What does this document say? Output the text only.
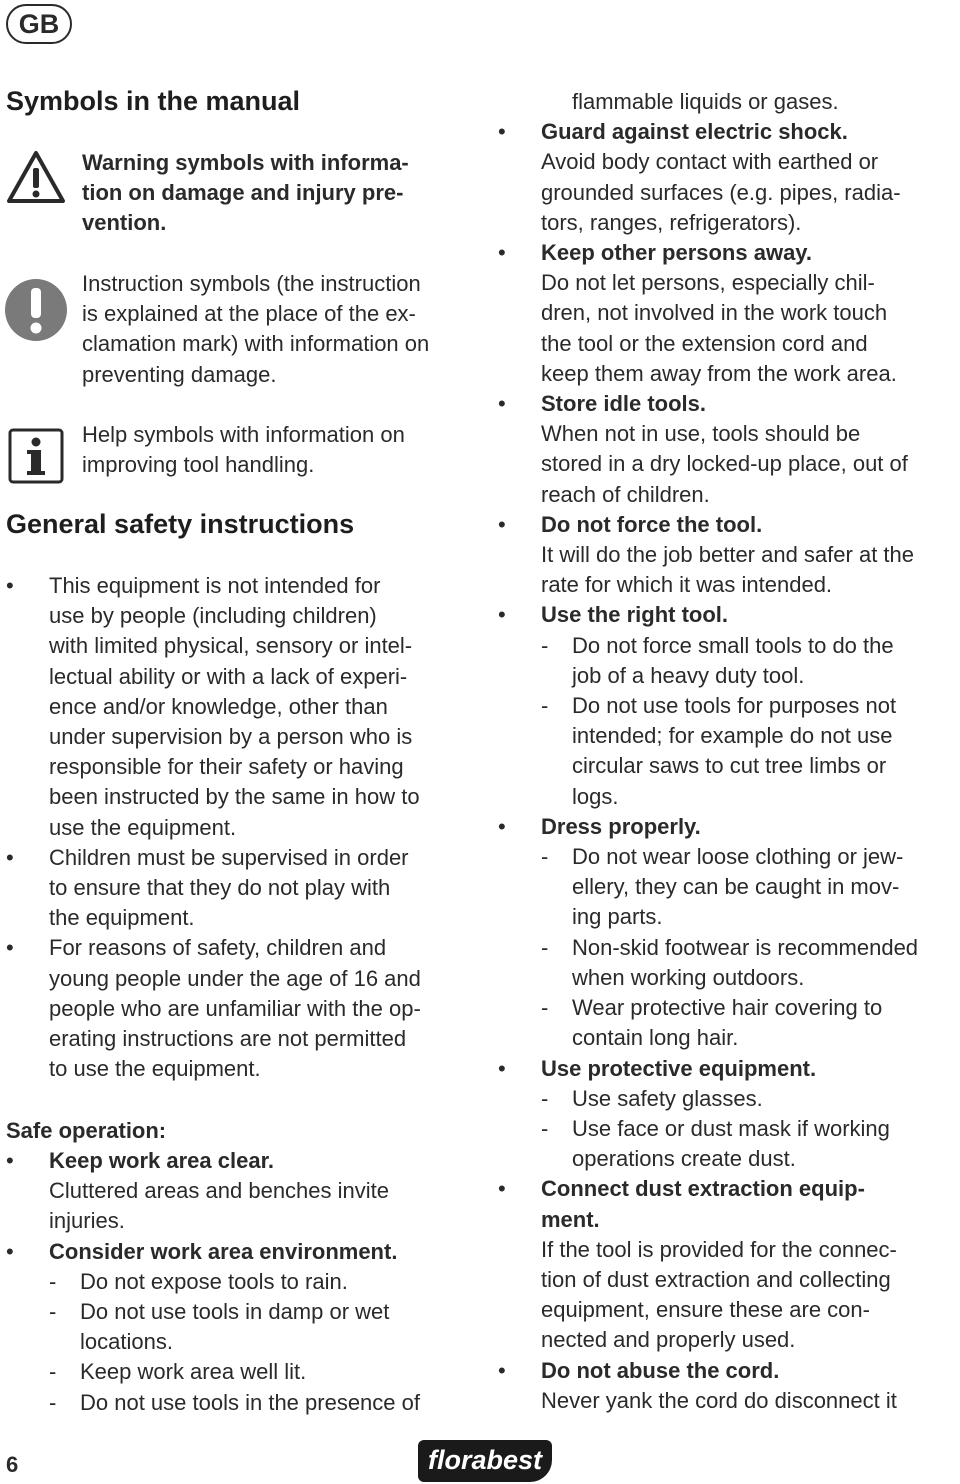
GB
Symbols in the manual

Warning symbols with informa-
tion on damage and injury pre-
vention.

Instruction symbols (the instruction
is explained at the place of the ex-
clamation mark) with information on
preventing damage.

Help symbols with information on
improving tool handling.

General safety instructions
• This equipment is not intended for
use by people (including children)
with limited physical, sensory or intel-
lectual ability or with a lack of experi-
ence and/or knowledge, other than
under supervision by a person who is
responsible for their safety or having
been instructed by the same in how to
use the equipment.
• Children must be supervised in order
to ensure that they do not play with
the equipment.
• For reasons of safety, children and
young people under the age of 16 and
people who are unfamiliar with the op-
erating instructions are not permitted
to use the equipment.

Safe operation:

• Keep work area clear.
Cluttered areas and benches invite
injuries.
• Consider work area environment.
- Do not expose tools to rain.
- Do not use tools in damp or wet
locations.
- Keep work area well lit.
- Do not use tools in the presence of
flammable liquids or gases.
• Guard against electric shock.
Avoid body contact with earthed or
grounded surfaces (e.g. pipes, radia-
tors, ranges, refrigerators).
• Keep other persons away.
Do not let persons, especially chil-
dren, not involved in the work touch
the tool or the extension cord and
keep them away from the work area.
• Store idle tools.
When not in use, tools should be
stored in a dry locked-up place, out of
reach of children.
• Do not force the tool.
It will do the job better and safer at the
rate for which it was intended.
• Use the right tool.
- Do not force small tools to do the
job of a heavy duty tool.
- Do not use tools for purposes not
intended; for example do not use
circular saws to cut tree limbs or
logs.
• Dress properly.
- Do not wear loose clothing or jew-
ellery, they can be caught in mov-
ing parts.
- Non-skid footwear is recommended
when working outdoors.
- Wear protective hair covering to
contain long hair.
• Use protective equipment.
- Use safety glasses.
- Use face or dust mask if working
operations create dust.
• Connect dust extraction equip-
ment.
If the tool is provided for the connec-
tion of dust extraction and collecting
equipment, ensure these are con-
nected and properly used.
• Do not abuse the cord.
Never yank the cord do disconnect it
6	florabest
